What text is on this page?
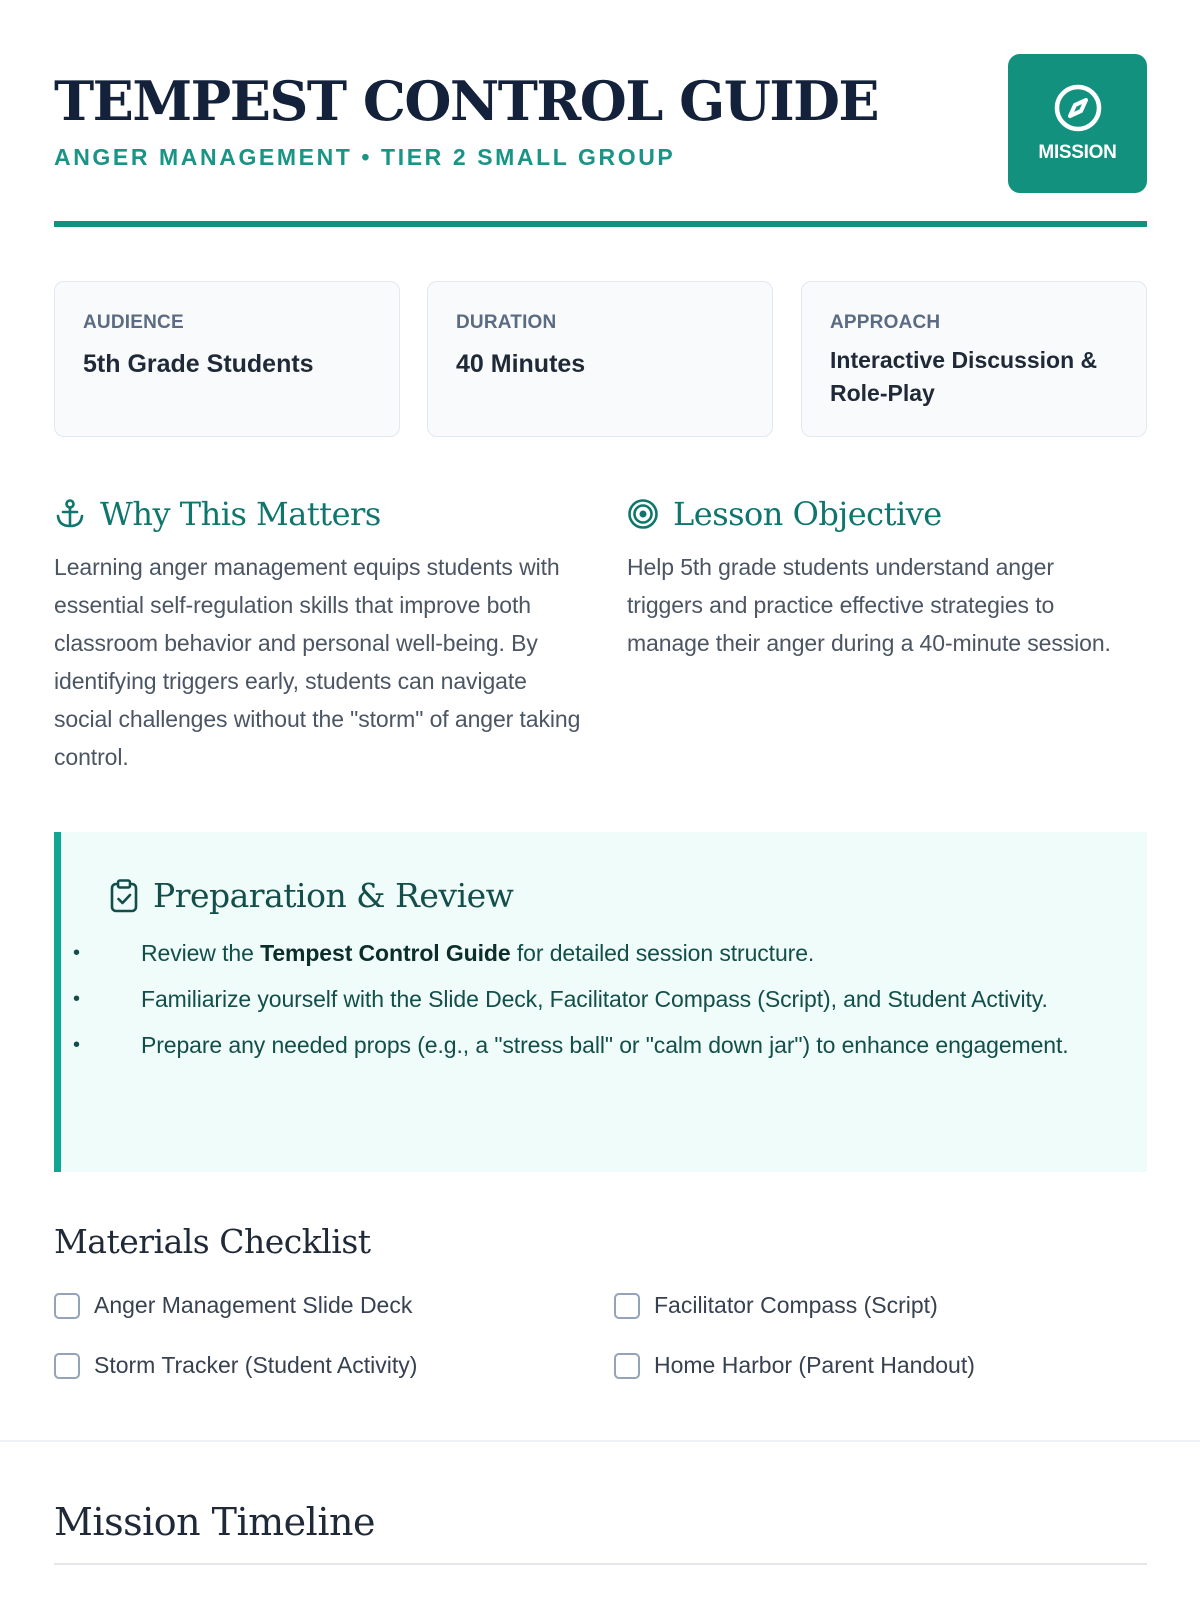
TEMPEST CONTROL GUIDE
ANGER MANAGEMENT • TIER 2 SMALL GROUP	MISSION
AUDIENCE
5th Grade Students
DURATION
40 Minutes
APPROACH
Interactive Discussion & Role-Play
Why This Matters

Learning anger management equips students with essential self-regulation skills that improve both classroom behavior and personal well-being. By identifying triggers early, students can navigate social challenges without the "storm" of anger taking control.

Lesson Objective

Help 5th grade students understand anger triggers and practice effective strategies to manage their anger during a 40-minute session.

Preparation & Review
• Review the Tempest Control Guide for detailed session structure.
• Familiarize yourself with the Slide Deck, Facilitator Compass (Script), and Student Activity.
• Prepare any needed props (e.g., a "stress ball" or "calm down jar") to enhance engagement.
Materials Checklist
Anger Management Slide Deck	Facilitator Compass (Script)
Storm Tracker (Student Activity)	Home Harbor (Parent Handout)
Mission Timeline
